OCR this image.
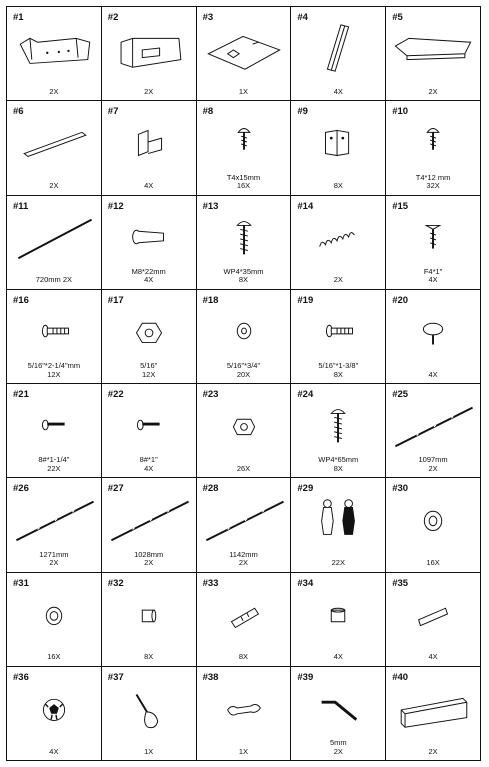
#1
2X
#2
2X
#3
1X
#4
4X
#5
2X
#6
2X
#7
4X
#8
T4x15mm
16X
#9
8X
#10
T4*12 mm
32X
#11
720mm 2X
#12
M8*22mm
4X
#13
WP4*35mm
8X
#14
2X
#15
F4*1"
4X
#16
5/16"*2-1/4"mm
12X
#17
5/16"
12X
#18
5/16"*3/4"
20X
#19
5/16"*1-3/8"
8X
#20
4X
#21
8#*1-1/4"
22X
#22
8#*1"
4X
#23
26X
#24
WP4*65mm
8X
#25
1097mm
2X
#26
1271mm
2X
#27
1028mm
2X
#28
1142mm
2X
#29
22X
#30
16X
#31
16X
#32
8X
#33
8X
#34
4X
#35
4X
#36
4X
#37
1X
#38
1X
#39
5mm
2X
#40
2X
